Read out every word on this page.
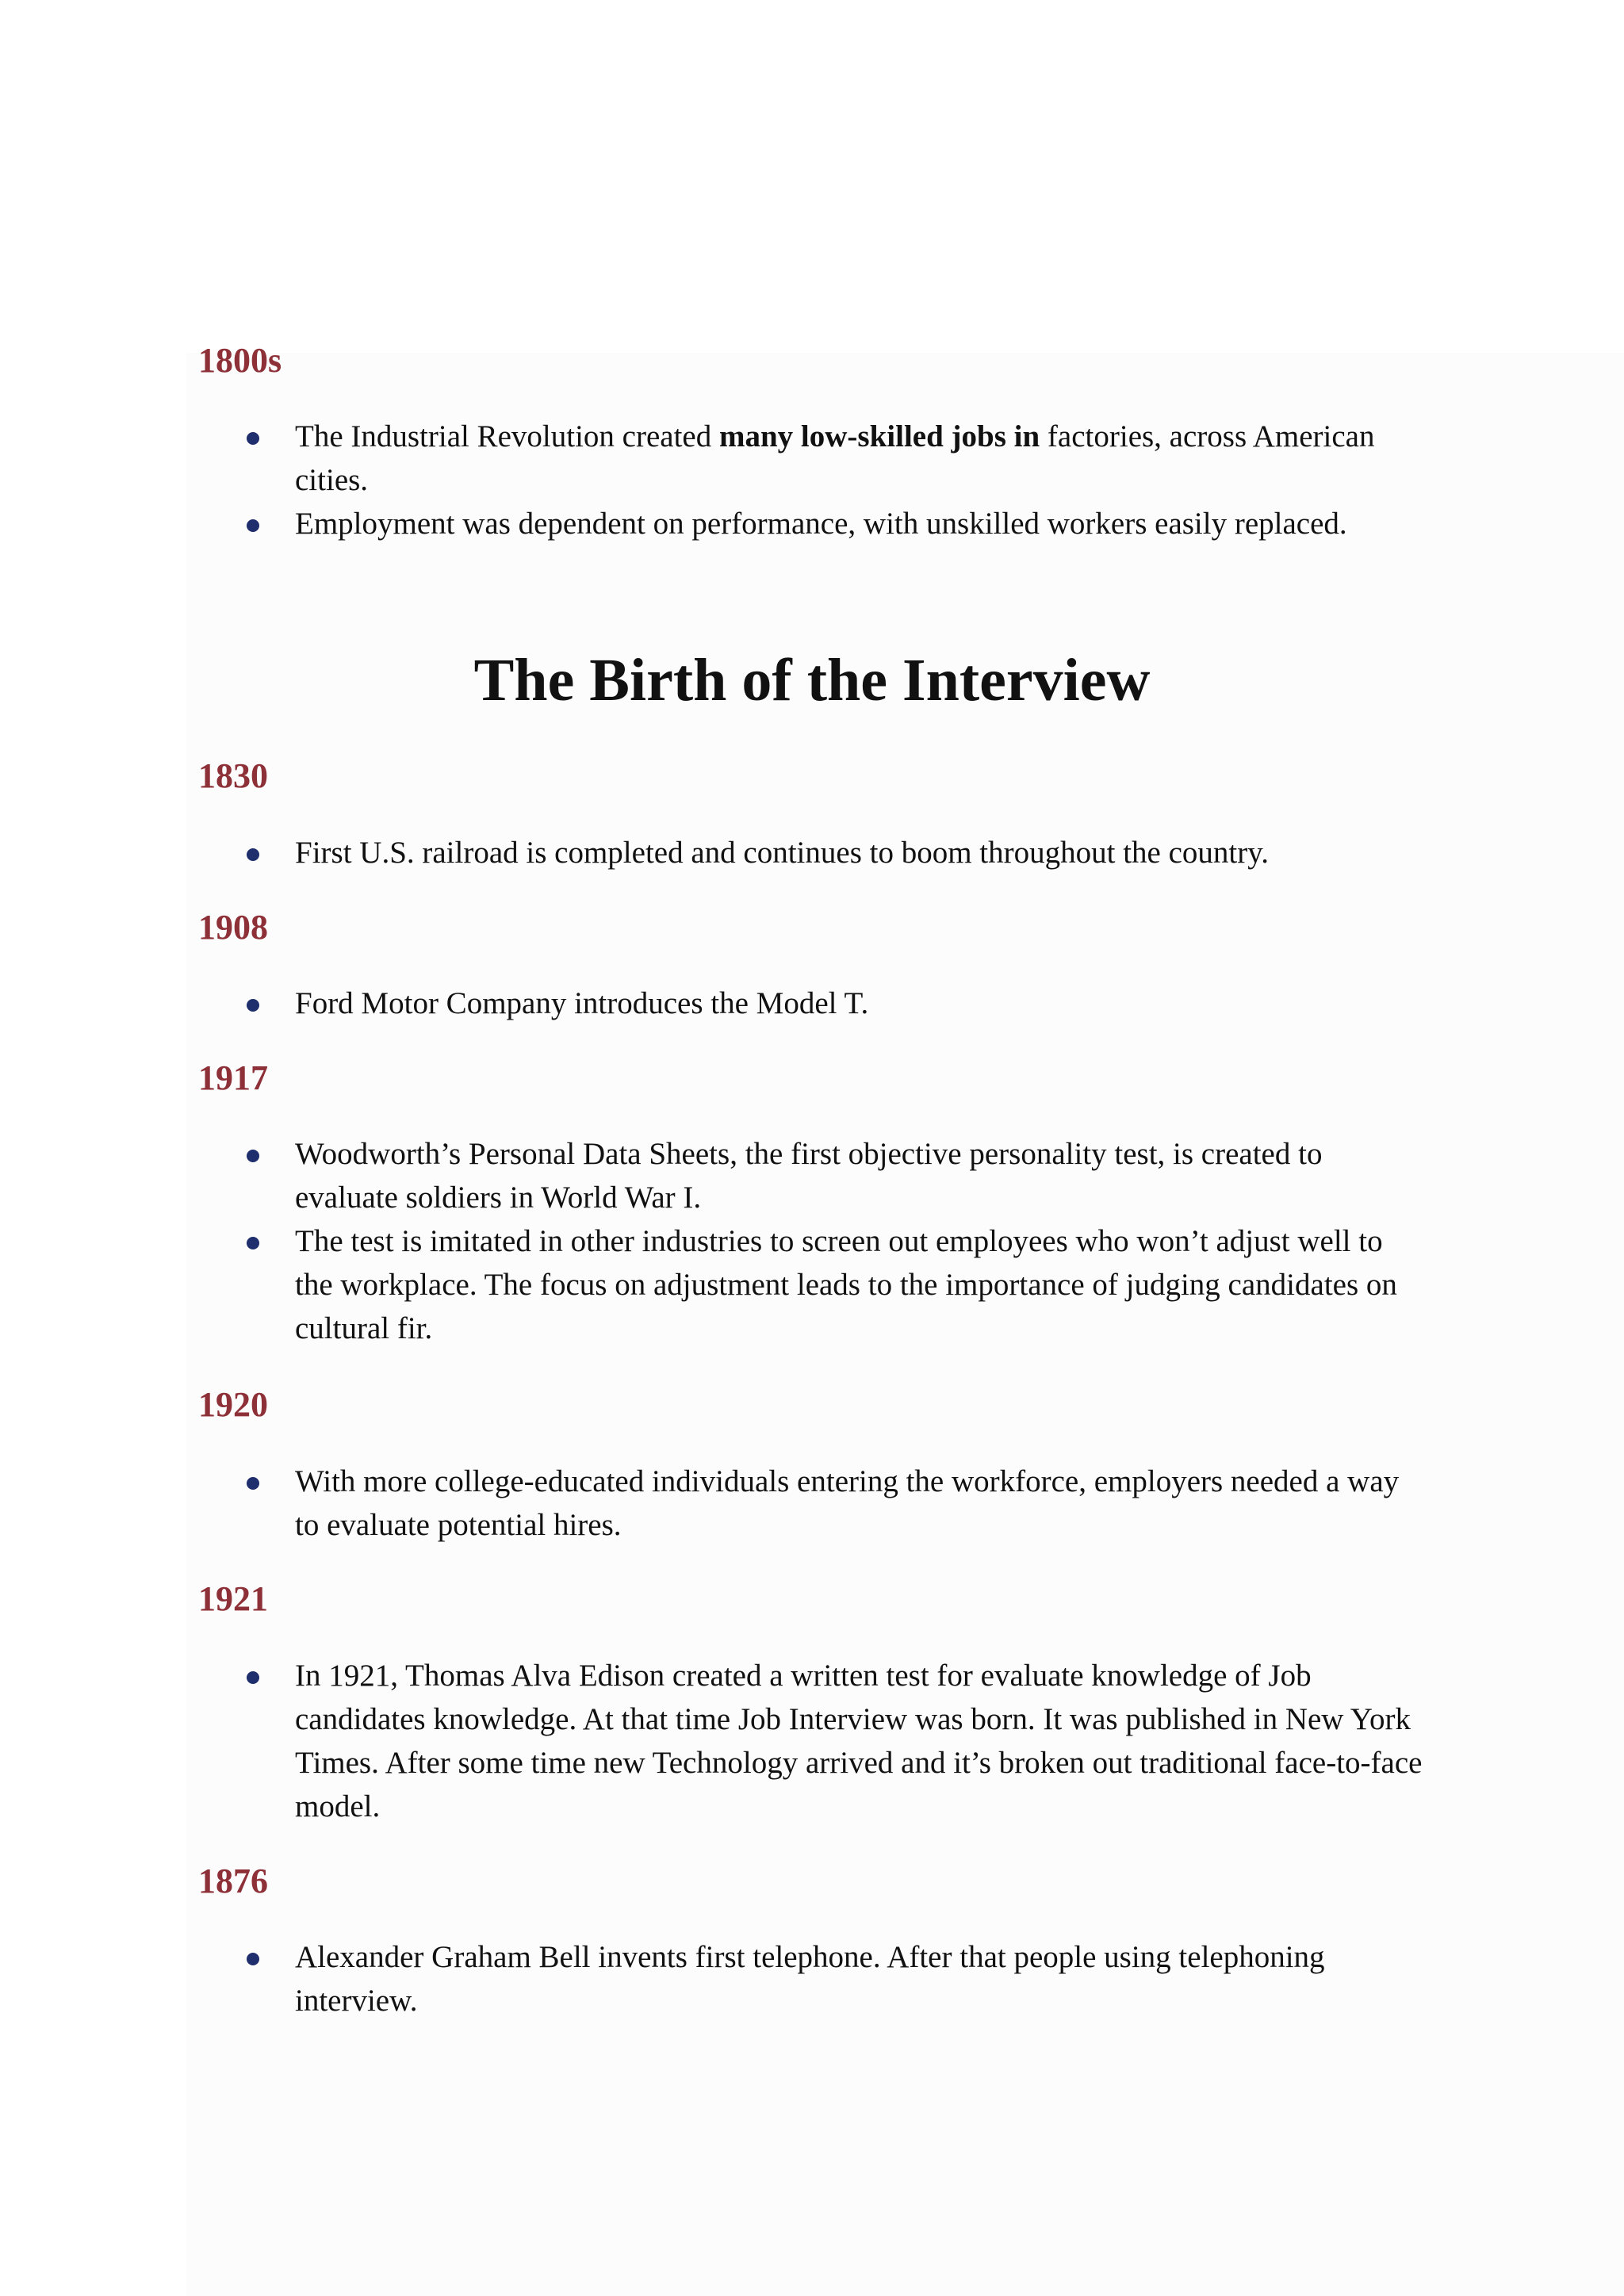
1800s
The Industrial Revolution created many low-skilled jobs in factories, across American cities.
Employment was dependent on performance, with unskilled workers easily replaced.
The Birth of the Interview
1830
First U.S. railroad is completed and continues to boom throughout the country.
1908
Ford Motor Company introduces the Model T.
1917
Woodworth’s Personal Data Sheets, the first objective personality test, is created to evaluate soldiers in World War I.
The test is imitated in other industries to screen out employees who won’t adjust well to the workplace. The focus on adjustment leads to the importance of judging candidates on cultural fir.
1920
With more college-educated individuals entering the workforce, employers needed a way to evaluate potential hires.
1921
In 1921, Thomas Alva Edison created a written test for evaluate knowledge of Job candidates knowledge. At that time Job Interview was born. It was published in New York Times. After some time new Technology arrived and it’s broken out traditional face-to-face model.
1876
Alexander Graham Bell invents first telephone. After that people using telephoning interview.
